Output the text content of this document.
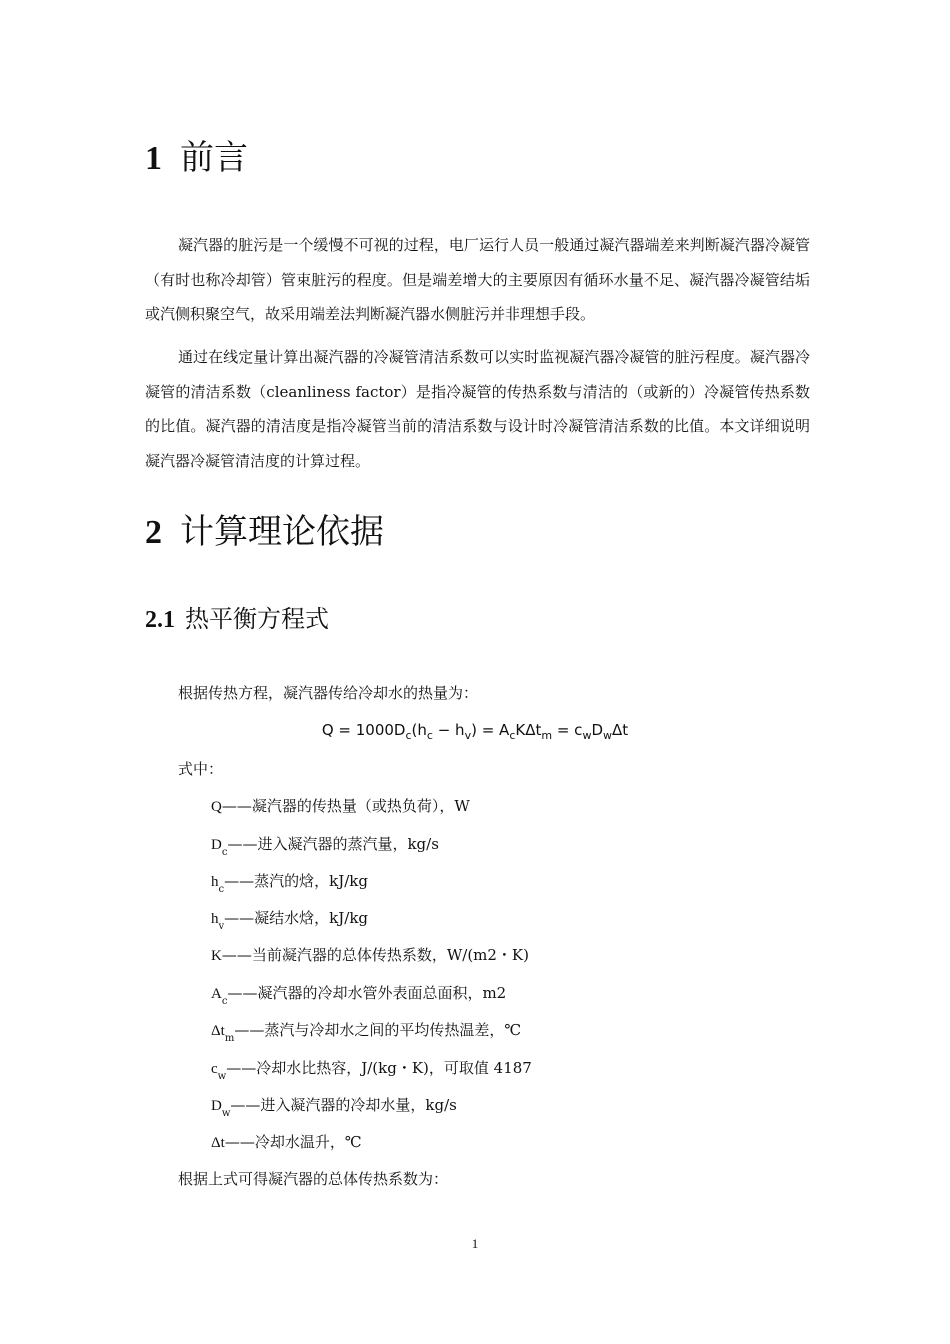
1 前言
凝汽器的脏污是一个缓慢不可视的过程，电厂运行人员一般通过凝汽器端差来判断凝汽器冷凝管（有时也称冷却管）管束脏污的程度。但是端差增大的主要原因有循环水量不足、凝汽器冷凝管结垢或汽侧积聚空气，故采用端差法判断凝汽器水侧脏污并非理想手段。
通过在线定量计算出凝汽器的冷凝管清洁系数可以实时监视凝汽器冷凝管的脏污程度。凝汽器冷凝管的清洁系数（cleanliness factor）是指冷凝管的传热系数与清洁的（或新的）冷凝管传热系数的比值。凝汽器的清洁度是指冷凝管当前的清洁系数与设计时冷凝管清洁系数的比值。本文详细说明凝汽器冷凝管清洁度的计算过程。
2 计算理论依据
2.1 热平衡方程式
根据传热方程，凝汽器传给冷却水的热量为：
$Q = 1000D_c(h_c - h_v) = A_cK\Delta t_m = c_wD_w\Delta t$
式中：
Q——凝汽器的传热量（或热负荷），W
$D_c——$进入凝汽器的蒸汽量，kg/s
$h_c——$蒸汽的焓，kJ/kg
$h_v——$凝结水焓，kJ/kg
K——当前凝汽器的总体传热系数，W/(m2・K)
$A_c——$凝汽器的冷却水管外表面总面积，m2
$\Delta t_m——$蒸汽与冷却水之间的平均传热温差，℃
$c_w——$冷却水比热容，J/(kg・K)，可取值 4187
$D_w——$进入凝汽器的冷却水量，kg/s
Δt——冷却水温升，℃
根据上式可得凝汽器的总体传热系数为：
1
